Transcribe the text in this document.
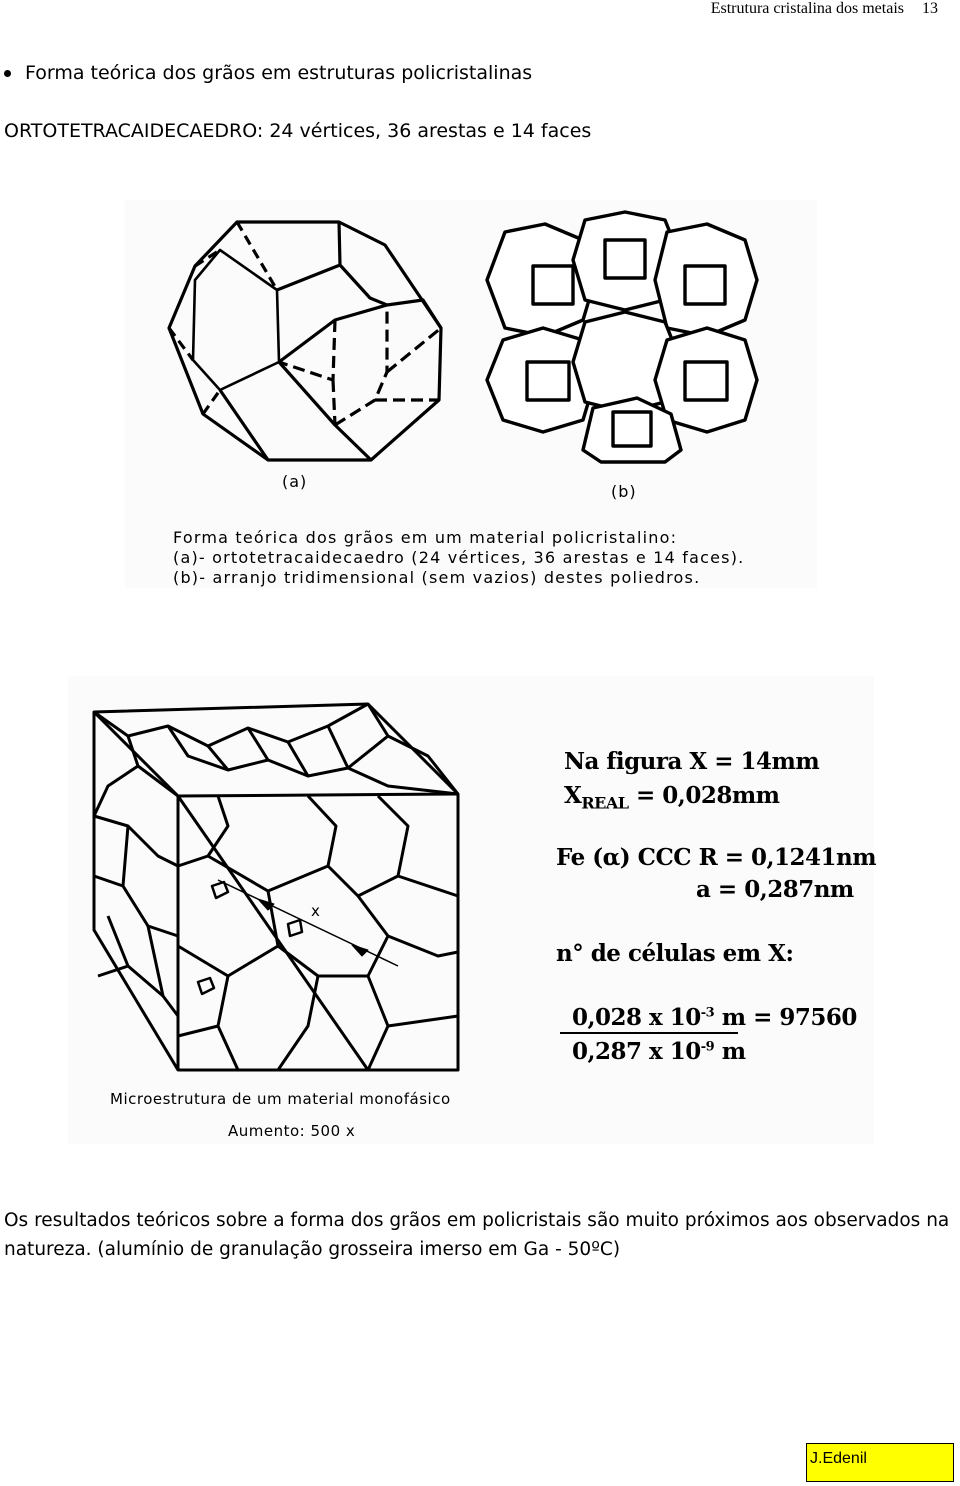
Estrutura cristalina dos metais 13
Forma teórica dos grãos em estruturas policristalinas
ORTOTETRACAIDECAEDRO: 24 vértices, 36 arestas e 14 faces
(a)
(b)
Forma teórica dos grãos em um material policristalino:
(a)- ortotetracaidecaedro (24 vértices, 36 arestas e 14 faces).
(b)- arranjo tridimensional (sem vazios) destes poliedros.
x
Na figura X = 14mm
$X_{REAL} = 0,028mm$
Fe (α) CCC R = 0,1241nm
a = 0,287nm
n° de células em X:
0,028 x $10^{-3}$ m = 97560
0,287 x $10^{-9}$ m
Microestrutura de um material monofásico
Aumento: 500 x
Os resultados teóricos sobre a forma dos grãos em policristais são muito próximos aos observados na natureza. (alumínio de granulação grosseira imerso em Ga - 50ºC)
J.Edenil
